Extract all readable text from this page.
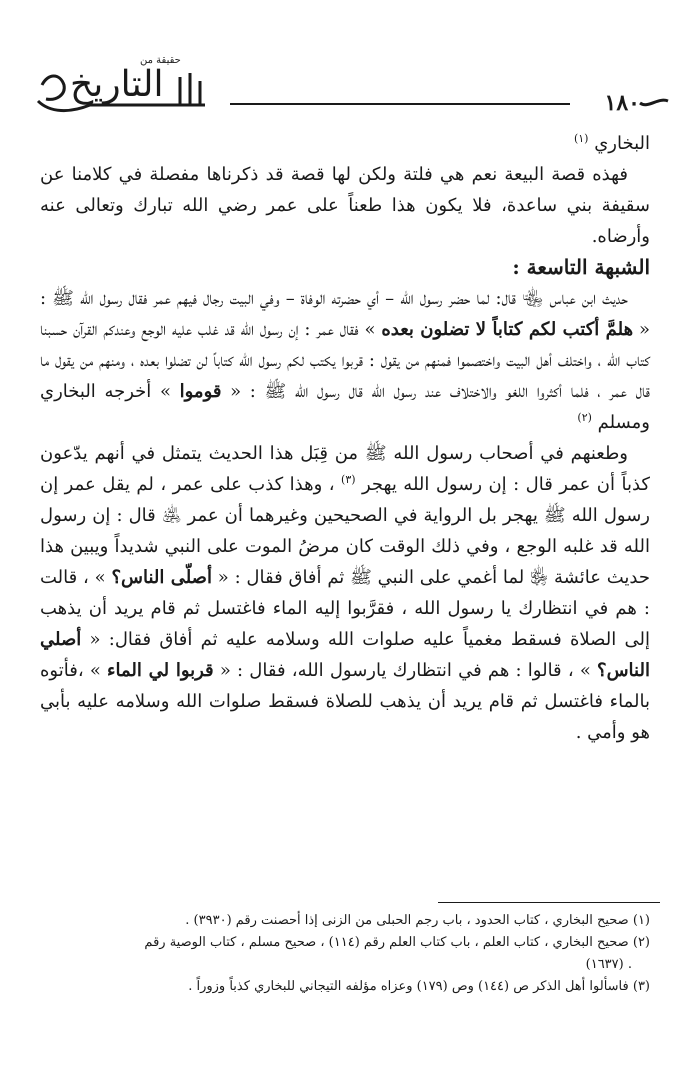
حقيقة من
التاريخ	١٨٠

البخاري $^{(١)}$

فهذه قصة البيعة نعم هي فلتة ولكن لها قصة قد ذكرناها مفصلة في كلامنا عن سقيفة بني ساعدة، فلا يكون هذا طعناً على عمر رضي الله تبارك وتعالى عنه وأرضاه.

الشبهة التاسعة :

حديث ابن عباس ﵄ قال: لما حضر رسول الله – أي حضرته الوفاة – وفي البيت رجال فيهم عمر فقال رسول الله ﷺ : « هلمَّ أكتب لكم كتاباً لا تضلون بعده » فقال عمر : إن رسول الله قد غلب عليه الوجع وعندكم القرآن حسبنا كتاب الله ، واختلف أهل البيت واختصموا فمنهم من يقول : قربوا يكتب لكم رسول الله كتاباً لن تضلوا بعده ، ومنهم من يقول ما قال عمر ، فلما أكثروا اللغو والاختلاف عند رسول الله قال رسول الله ﷺ : « قوموا » أخرجه البخاري ومسلم $^{(٢)}$

وطعنهم في أصحاب رسول الله ﷺ من قِبَل هذا الحديث يتمثل في أنهم يدّعون كذباً أن عمر قال : إن رسول الله يهجر $^{(٣)}$ ، وهذا كذب على عمر ، لم يقل عمر إن رسول الله ﷺ يهجر بل الرواية في الصحيحين وغيرهما أن عمر ﵁ قال : إن رسول الله قد غلبه الوجع ، وفي ذلك الوقت كان مرضُ الموت على النبي شديداً ويبين هذا حديث عائشة ﵂ لما أغمي على النبي ﷺ ثم أفاق فقال : « أصلّى الناس؟ » ، قالت : هم في انتظارك يا رسول الله ، فقرَّبوا إليه الماء فاغتسل ثم قام يريد أن يذهب إلى الصلاة فسقط مغمياً عليه صلوات الله وسلامه عليه ثم أفاق فقال: « أصلي الناس؟ » ، قالوا : هم في انتظارك يارسول الله، فقال : « قربوا لي الماء » ،فأتوه بالماء فاغتسل ثم قام يريد أن يذهب للصلاة فسقط صلوات الله وسلامه عليه بأبي هو وأمي .

(١) صحيح البخاري ، كتاب الحدود ، باب رجم الحبلى من الزنى إذا أحصنت رقم (٣٩٣٠) .
(٢) صحيح البخاري ، كتاب العلم ، باب كتاب العلم رقم (١١٤) ، صحيح مسلم ، كتاب الوصية رقم
. (١٦٣٧)
(٣) فاسألوا أهل الذكر ص (١٤٤) وص (١٧٩) وعزاه مؤلفه التيجاني للبخاري كذباً وزوراً .
